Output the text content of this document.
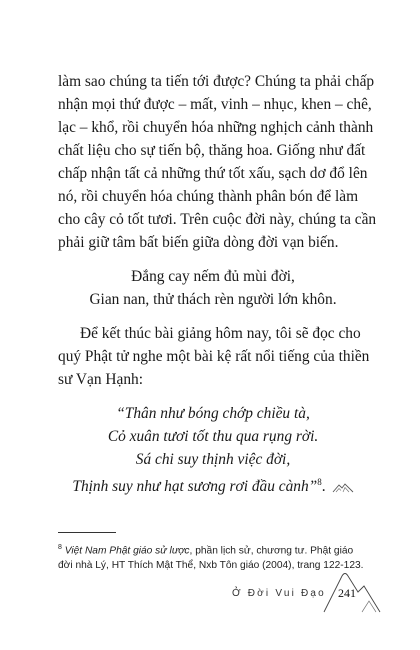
làm sao chúng ta tiến tới được? Chúng ta phải chấp
nhận mọi thứ được – mất, vinh – nhục, khen – chê,
lạc – khổ, rồi chuyển hóa những nghịch cảnh thành
chất liệu cho sự tiến bộ, thăng hoa. Giống như đất
chấp nhận tất cả những thứ tốt xấu, sạch dơ đổ lên
nó, rồi chuyển hóa chúng thành phân bón để làm
cho cây cỏ tốt tươi. Trên cuộc đời này, chúng ta cần
phải giữ tâm bất biến giữa dòng đời vạn biến.

Đắng cay nếm đủ mùi đời,
Gian nan, thử thách rèn người lớn khôn.

Để kết thúc bài giảng hôm nay, tôi sẽ đọc cho
quý Phật tử nghe một bài kệ rất nổi tiếng của thiền
sư Vạn Hạnh:

“Thân như bóng chớp chiều tà,
Cỏ xuân tươi tốt thu qua rụng rời.
Sá chi suy thịnh việc đời,
Thịnh suy như hạt sương rơi đầu cành”$^8$.
$^8$ Việt Nam Phật giáo sử lược, phần lịch sử, chương tư. Phật giáo đời nhà Lý, HT Thích Mật Thể, Nxb Tôn giáo (2004), trang 122-123.
Ở Đời Vui Đạo 241
